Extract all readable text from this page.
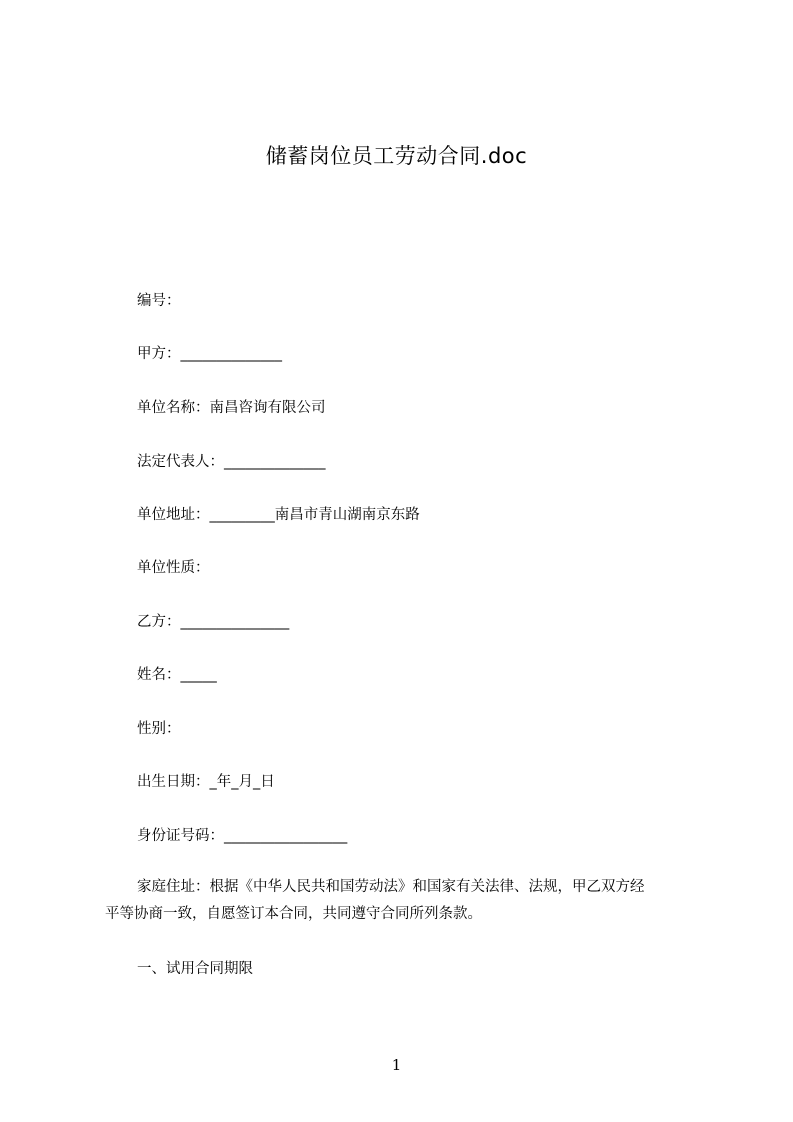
储蓄岗位员工劳动合同.doc
编号：
甲方：______________
单位名称：南昌咨询有限公司
法定代表人：______________
单位地址：_________南昌市青山湖南京东路
单位性质：
乙方：_______________
姓名：_____
性别：
出生日期：_年_月_日
身份证号码：_________________
家庭住址：根据《中华人民共和国劳动法》和国家有关法律、法规，甲乙双方经
平等协商一致，自愿签订本合同，共同遵守合同所列条款。
一、试用合同期限
1
